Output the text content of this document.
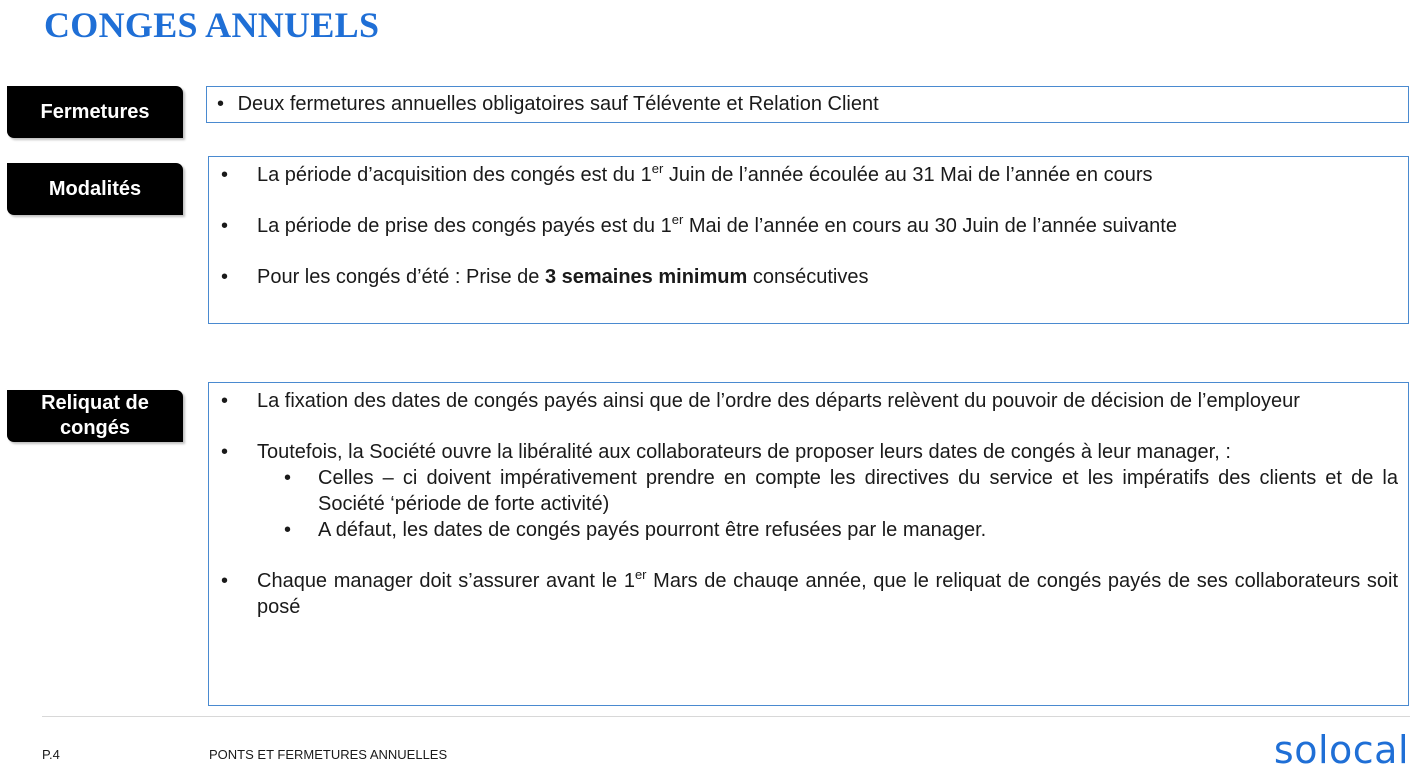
CONGES ANNUELS
Fermetures	• Deux fermetures annuelles obligatoires sauf Télévente et Relation Client
Modalités
•	La période d’acquisition des congés est du 1er Juin de l’année écoulée au 31 Mai de l’année en cours
•	La période de prise des congés payés est du 1er Mai de l’année en cours au 30 Juin de l’année suivante
•	Pour les congés d’été : Prise de 3 semaines minimum consécutives
Reliquat de congés
•	La fixation des dates de congés payés ainsi que de l’ordre des départs relèvent du pouvoir de décision de l’employeur
•	Toutefois, la Société ouvre la libéralité aux collaborateurs de proposer leurs dates de congés à leur manager, :
•	Celles – ci doivent impérativement prendre en compte les directives du service et les impératifs des clients et de la Société ‘période de forte activité)
•	A défaut, les dates de congés payés pourront être refusées par le manager.
•	Chaque manager doit s’assurer avant le 1er Mars de chauqe année, que le reliquat de congés payés de ses collaborateurs soit posé
P.4	PONTS ET FERMETURES ANNUELLES	solocal
